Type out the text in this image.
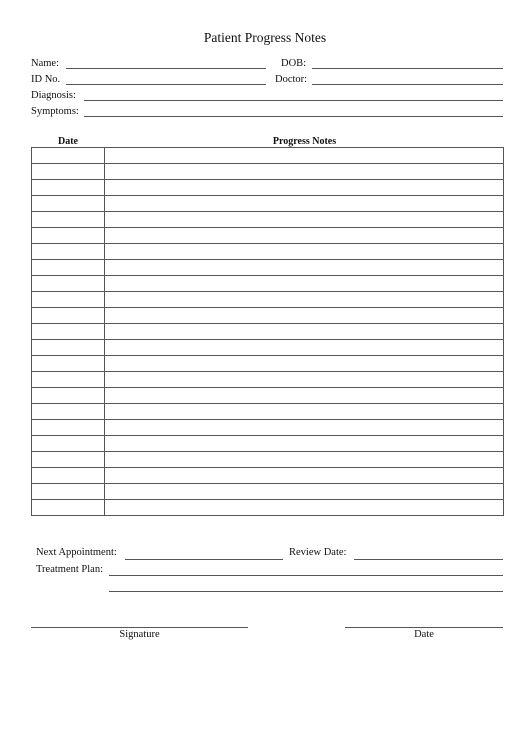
Patient Progress Notes
Name:	DOB:
ID No.	Doctor:
Diagnosis:
Symptoms:
Date	Progress Notes

Next Appointment:	Review Date:
Treatment Plan:
Signature	Date
